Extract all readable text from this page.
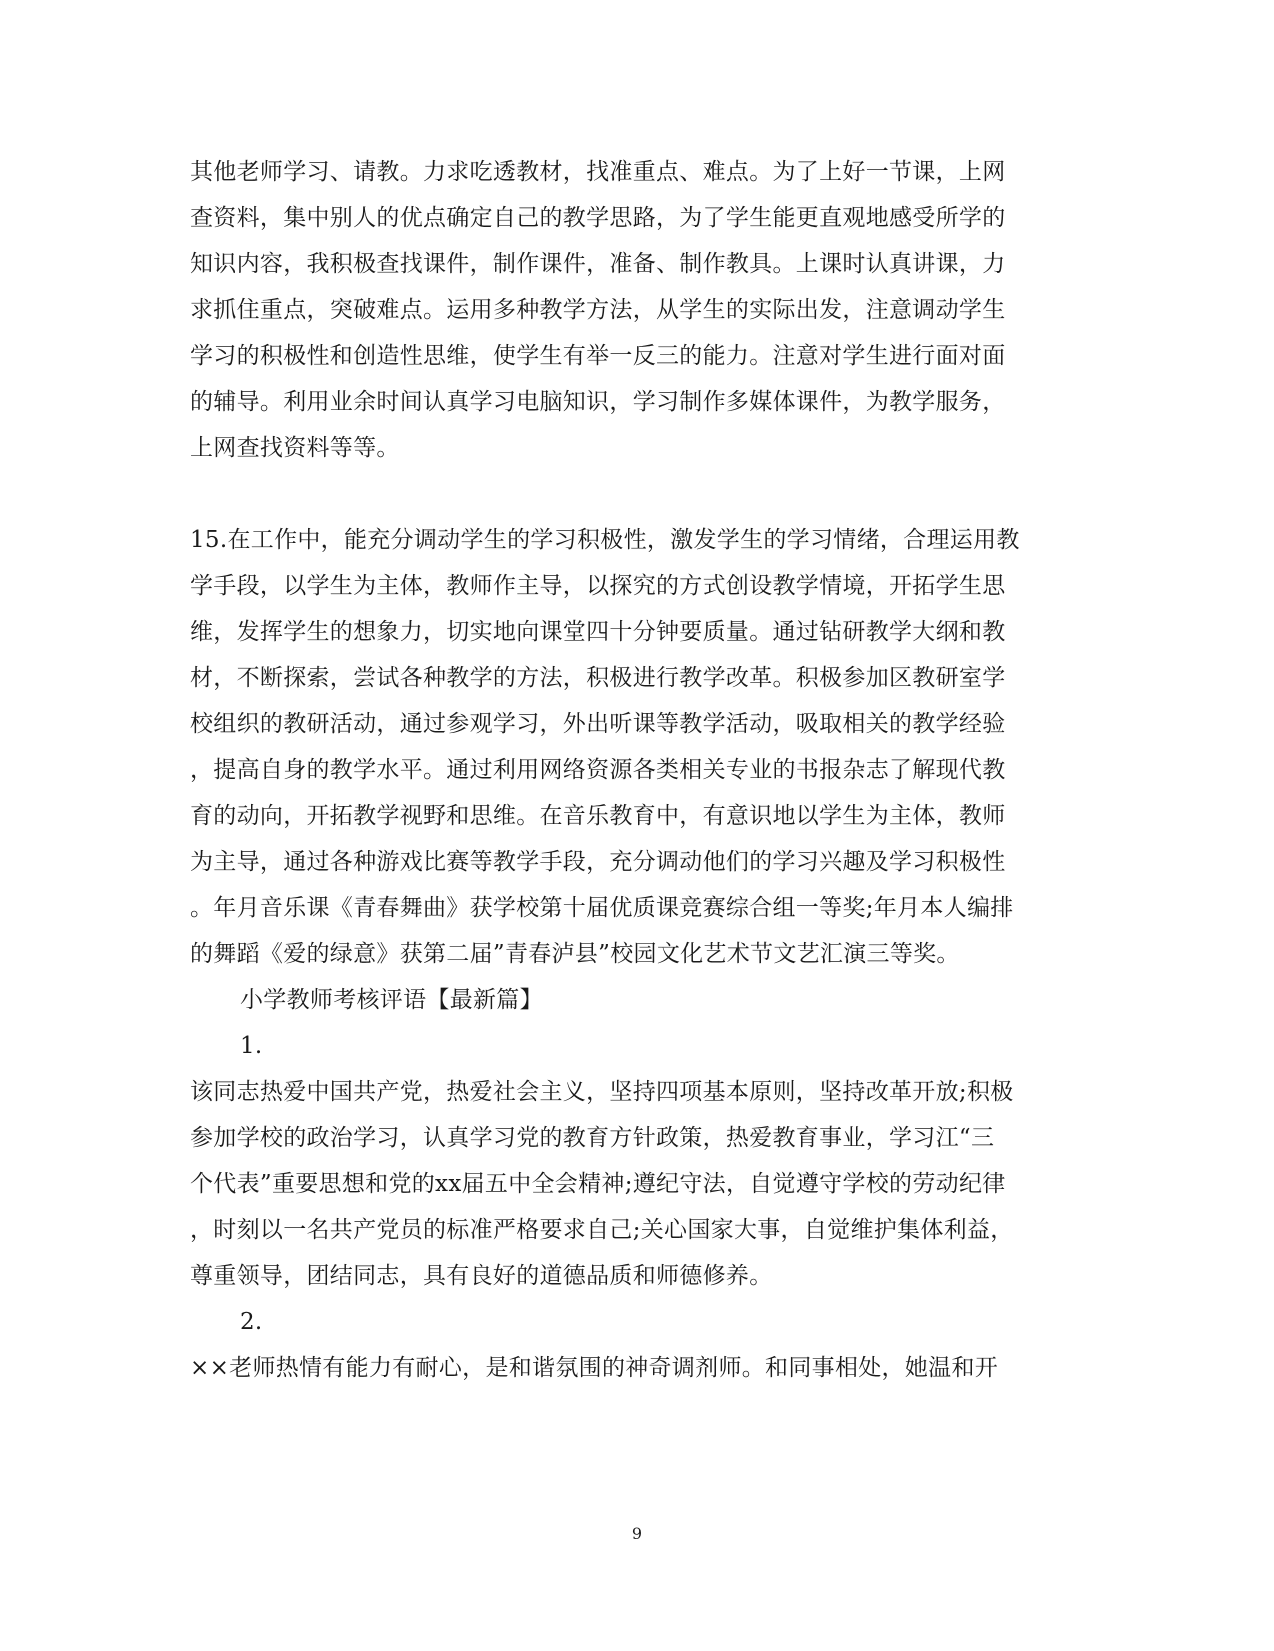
其他老师学习、请教。力求吃透教材，找准重点、难点。为了上好一节课，上网
查资料，集中别人的优点确定自己的教学思路，为了学生能更直观地感受所学的
知识内容，我积极查找课件，制作课件，准备、制作教具。上课时认真讲课，力
求抓住重点，突破难点。运用多种教学方法，从学生的实际出发，注意调动学生
学习的积极性和创造性思维，使学生有举一反三的能力。注意对学生进行面对面
的辅导。利用业余时间认真学习电脑知识，学习制作多媒体课件，为教学服务，
上网查找资料等等。
15.在工作中，能充分调动学生的学习积极性，激发学生的学习情绪，合理运用教
学手段，以学生为主体，教师作主导，以探究的方式创设教学情境，开拓学生思
维，发挥学生的想象力，切实地向课堂四十分钟要质量。通过钻研教学大纲和教
材，不断探索，尝试各种教学的方法，积极进行教学改革。积极参加区教研室学
校组织的教研活动，通过参观学习，外出听课等教学活动，吸取相关的教学经验
，提高自身的教学水平。通过利用网络资源各类相关专业的书报杂志了解现代教
育的动向，开拓教学视野和思维。在音乐教育中，有意识地以学生为主体，教师
为主导，通过各种游戏比赛等教学手段，充分调动他们的学习兴趣及学习积极性
。年月音乐课《青春舞曲》获学校第十届优质课竞赛综合组一等奖;年月本人编排
的舞蹈《爱的绿意》获第二届”青春泸县”校园文化艺术节文艺汇演三等奖。
小学教师考核评语【最新篇】
1.
该同志热爱中国共产党，热爱社会主义，坚持四项基本原则，坚持改革开放;积极
参加学校的政治学习，认真学习党的教育方针政策，热爱教育事业，学习江“三
个代表”重要思想和党的xx届五中全会精神;遵纪守法，自觉遵守学校的劳动纪律
，时刻以一名共产党员的标准严格要求自己;关心国家大事，自觉维护集体利益，
尊重领导，团结同志，具有良好的道德品质和师德修养。
2.
××老师热情有能力有耐心，是和谐氛围的神奇调剂师。和同事相处，她温和开
9
